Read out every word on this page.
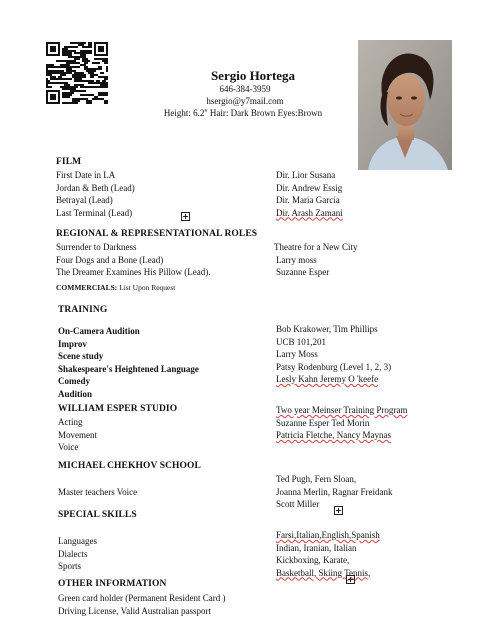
Sergio Hortega
646-384-3959
hsergio@y7mail.com
Height: 6.2'' Hair: Dark Brown Eyes:Brown
FILM
First Date in LA
Jordan & Beth (Lead)
Betrayal (Lead)
Last Terminal (Lead)
Dir. Lior Susana
Dir. Andrew Essig
Dir. Maria Garcia
Dir. Arash Zamani
REGIONAL & REPRESENTATIONAL ROLES
Surrender to Darkness
Four Dogs and a Bone (Lead)
The Dreamer Examines His Pillow (Lead).
Theatre for a New City
Larry moss
Suzanne Esper
COMMERCIALS: List Upon Request
TRAINING
On-Camera Audition
Improv
Scene study
Shakespeare's Heightened Language
Comedy
Audition
Bob Krakower, Tim Phillips
UCB 101,201
Larry Moss
Patsy Rodenburg (Level 1, 2, 3)
Lesly Kahn Jeremy O 'keefe
WILLIAM ESPER STUDIO
Acting
Movement
Voice
Two year Meinser Training Program
Suzanne Esper Ted Morin
Patricia Fletche, Nancy Maynas
MICHAEL CHEKHOV SCHOOL
Master teachers Voice
Ted Pugh, Fern Sloan,
Joanna Merlin, Ragnar Freidank
Scott Miller
SPECIAL SKILLS
Languages
Dialects
Sports
Farsi,Italian,English,Spanish
Indian, Iranian, Italian
Kickboxing, Karate,
Basketball, Skiing Tennis,
OTHER INFORMATION
Green card holder (Permanent Resident Card )
Driving License, Valid Australian passport
